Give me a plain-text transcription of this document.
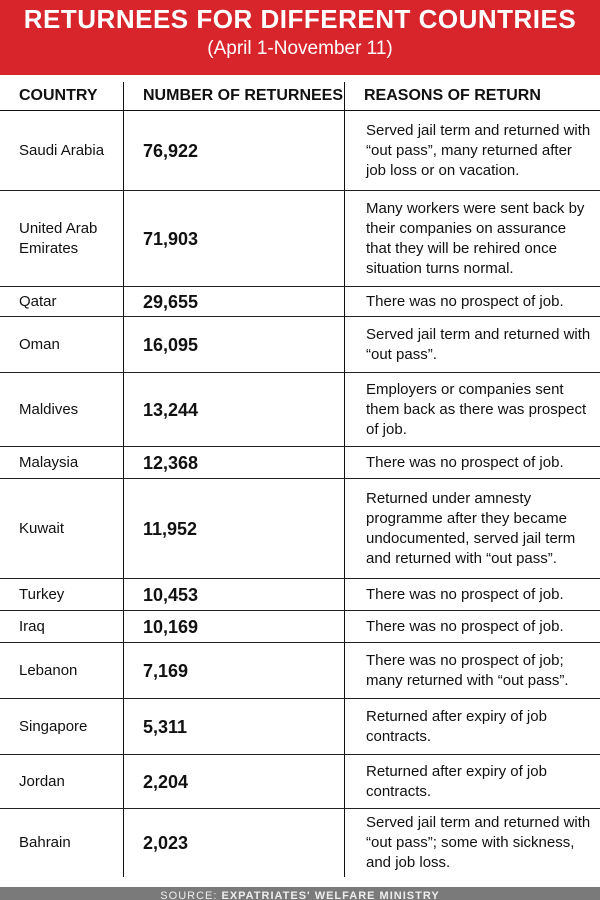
RETURNEES FOR DIFFERENT COUNTRIES
(April 1-November 11)
COUNTRY	NUMBER OF RETURNEES	REASONS OF RETURN
Saudi Arabia	76,922	Served jail term and returned with “out pass”, many returned after job loss or on vacation.
United Arab Emirates	71,903	Many workers were sent back by their companies on assurance that they will be rehired once situation turns normal.
Qatar	29,655	There was no prospect of job.
Oman	16,095	Served jail term and returned with “out pass”.
Maldives	13,244	Employers or companies sent them back as there was prospect of job.
Malaysia	12,368	There was no prospect of job.
Kuwait	11,952	Returned under amnesty programme after they became undocumented, served jail term and returned with “out pass”.
Turkey	10,453	There was no prospect of job.
Iraq	10,169	There was no prospect of job.
Lebanon	7,169	There was no prospect of job; many returned with “out pass”.
Singapore	5,311	Returned after expiry of job contracts.
Jordan	2,204	Returned after expiry of job contracts.
Bahrain	2,023	Served jail term and returned with “out pass”; some with sickness, and job loss.
SOURCE: EXPATRIATES' WELFARE MINISTRY
